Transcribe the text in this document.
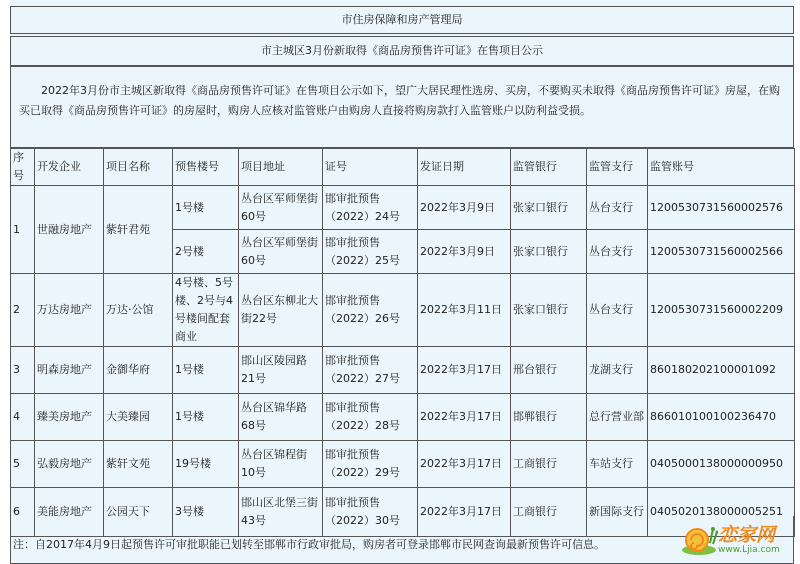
市住房保障和房产管理局
市主城区3月份新取得《商品房预售许可证》在售项目公示
2022年3月份市主城区新取得《商品房预售许可证》在售项目公示如下，望广大居民理性选房、买房，不要购买未取得《商品房预售许可证》房屋，在购买已取得《商品房预售许可证》的房屋时，购房人应核对监管账户由购房人直接将购房款打入监管账户以防利益受损。
序号	开发企业	项目名称	预售楼号	项目地址	证号	发证日期	监管银行	监管支行	监管账号
1	世融房地产	紫轩君苑	1号楼	丛台区军师堡街60号	邯审批预售（2022）24号	2022年3月9日	张家口银行	丛台支行	1200530731560002576
			2号楼	丛台区军师堡街60号	邯审批预售（2022）25号	2022年3月9日	张家口银行	丛台支行	1200530731560002566
2	万达房地产	万达·公馆	4号楼、5号楼、2号与4号楼间配套商业	丛台区东柳北大街22号	邯审批预售（2022）26号	2022年3月11日	张家口银行	丛台支行	1200530731560002209
3	明森房地产	金御华府	1号楼	邯山区陵园路21号	邯审批预售（2022）27号	2022年3月17日	邢台银行	龙湖支行	860180202100001092
4	臻美房地产	大美臻园	1号楼	丛台区锦华路68号	邯审批预售（2022）28号	2022年3月17日	邯郸银行	总行营业部	866010100100236470
5	弘毅房地产	紫轩文苑	19号楼	丛台区锦程街10号	邯审批预售（2022）29号	2022年3月17日	工商银行	车站支行	0405000138000000950
6	美能房地产	公园天下	3号楼	邯山区北堡三街43号	邯审批预售（2022）30号	2022年3月17日	工商银行	新国际支行	0405020138000005251
注：自2017年4月9日起预售许可审批职能已划转至邯郸市行政审批局，购房者可登录邯郸市民网查询最新预售许可信息。	恋家网
www.Ljia.com
